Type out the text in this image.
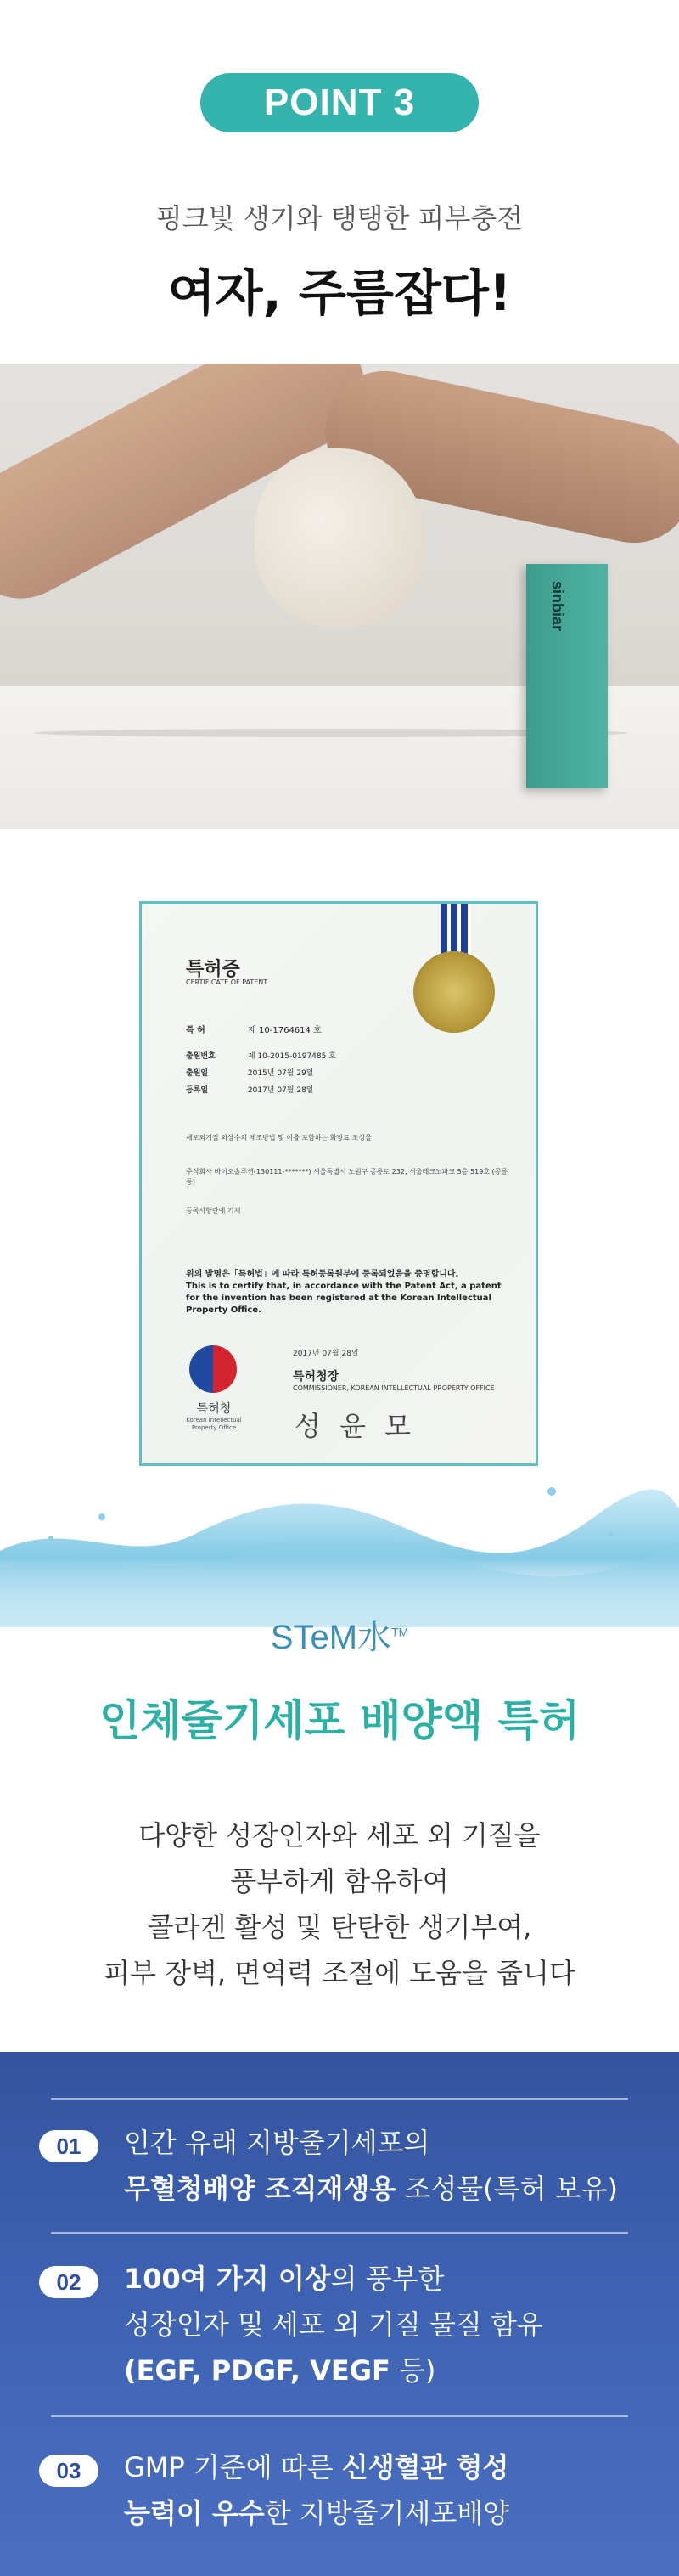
POINT 3
핑크빛 생기와 탱탱한 피부충전
여자, 주름잡다!
sinbiar
특허증
CERTIFICATE OF PATENT
특 허	제 10-1764614 호
출원번호	제 10-2015-0197485 호
출원일	2015년 07월 29일
등록일	2017년 07월 28일
세포외기질 외상수의 제조방법 및 이를 포함하는 화장료 조성물
주식회사 바이오솔루션(130111-*******) 서울특별시 노원구 공릉로 232, 서울테크노파크 5층 519호 (공릉동)
등록사항란에 기재
위의 발명은「특허법」에 따라 특허등록원부에 등록되었음을 증명합니다.
This is to certify that, in accordance with the Patent Act, a patent for the invention has been registered at the Korean Intellectual Property Office.
특허청
Korean Intellectual Property Office
2017년 07월 28일
특허청장
COMMISSIONER, KOREAN INTELLECTUAL PROPERTY OFFICE
성 윤 모
STeM水™
인체줄기세포 배양액 특허
다양한 성장인자와 세포 외 기질을
풍부하게 함유하여
콜라겐 활성 및 탄탄한 생기부여,
피부 장벽, 면역력 조절에 도움을 줍니다
01	인간 유래 지방줄기세포의
무혈청배양 조직재생용 조성물(특허 보유)
02	100여 가지 이상의 풍부한
성장인자 및 세포 외 기질 물질 함유
(EGF, PDGF, VEGF 등)
03	GMP 기준에 따른 신생혈관 형성
능력이 우수한 지방줄기세포배양
